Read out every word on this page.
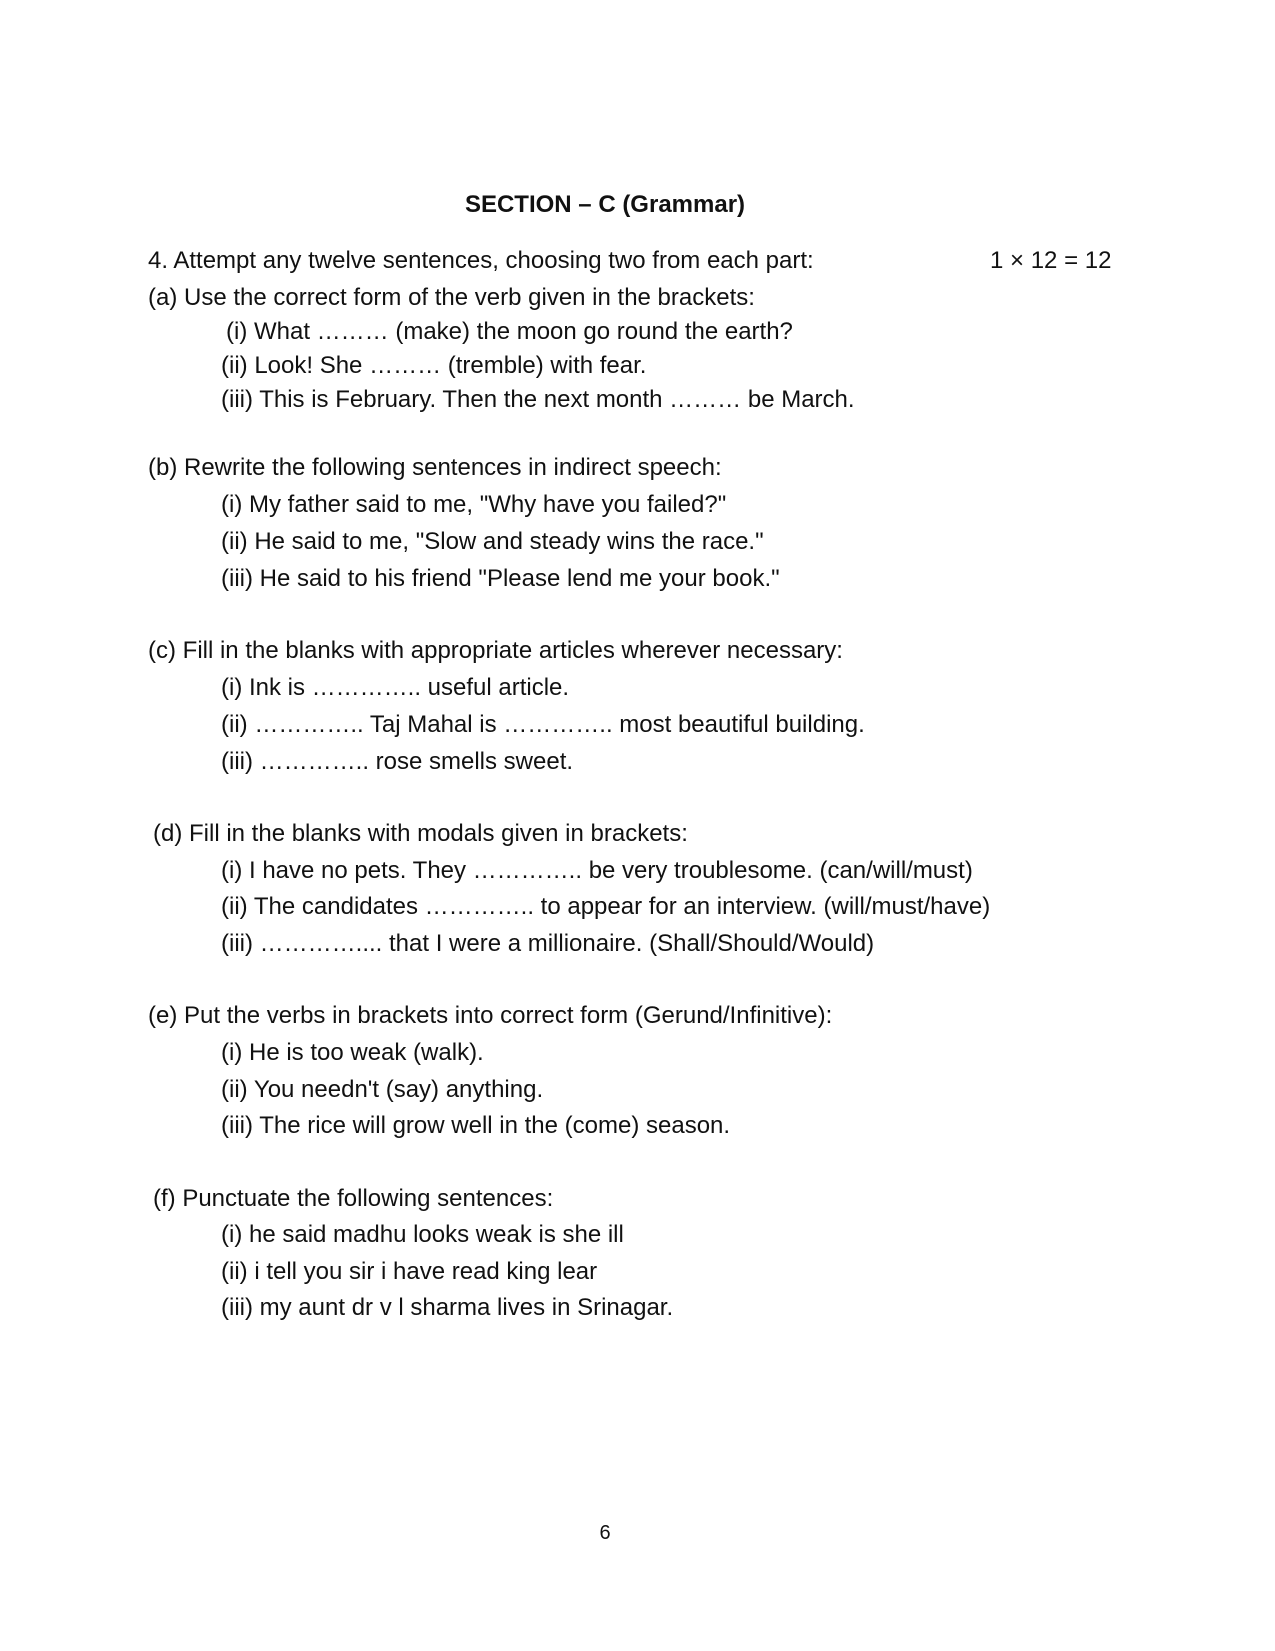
SECTION – C (Grammar)
4. Attempt any twelve sentences, choosing two from each part:	1 × 12 = 12
(a) Use the correct form of the verb given in the brackets:
(i) What ……… (make) the moon go round the earth?
(ii) Look! She ……… (tremble) with fear.
(iii) This is February. Then the next month ……… be March.
(b) Rewrite the following sentences in indirect speech:
(i) My father said to me, "Why have you failed?"
(ii) He said to me, "Slow and steady wins the race."
(iii) He said to his friend "Please lend me your book."
(c) Fill in the blanks with appropriate articles wherever necessary:
(i) Ink is ………….. useful article.
(ii) ………….. Taj Mahal is ………….. most beautiful building.
(iii) ………….. rose smells sweet.
(d) Fill in the blanks with modals given in brackets:
(i) I have no pets. They ………….. be very troublesome. (can/will/must)
(ii) The candidates ………….. to appear for an interview. (will/must/have)
(iii) ………….... that I were a millionaire. (Shall/Should/Would)
(e) Put the verbs in brackets into correct form (Gerund/Infinitive):
(i) He is too weak (walk).
(ii) You needn't (say) anything.
(iii) The rice will grow well in the (come) season.
(f) Punctuate the following sentences:
(i) he said madhu looks weak is she ill
(ii) i tell you sir i have read king lear
(iii) my aunt dr v l sharma lives in Srinagar.
6
